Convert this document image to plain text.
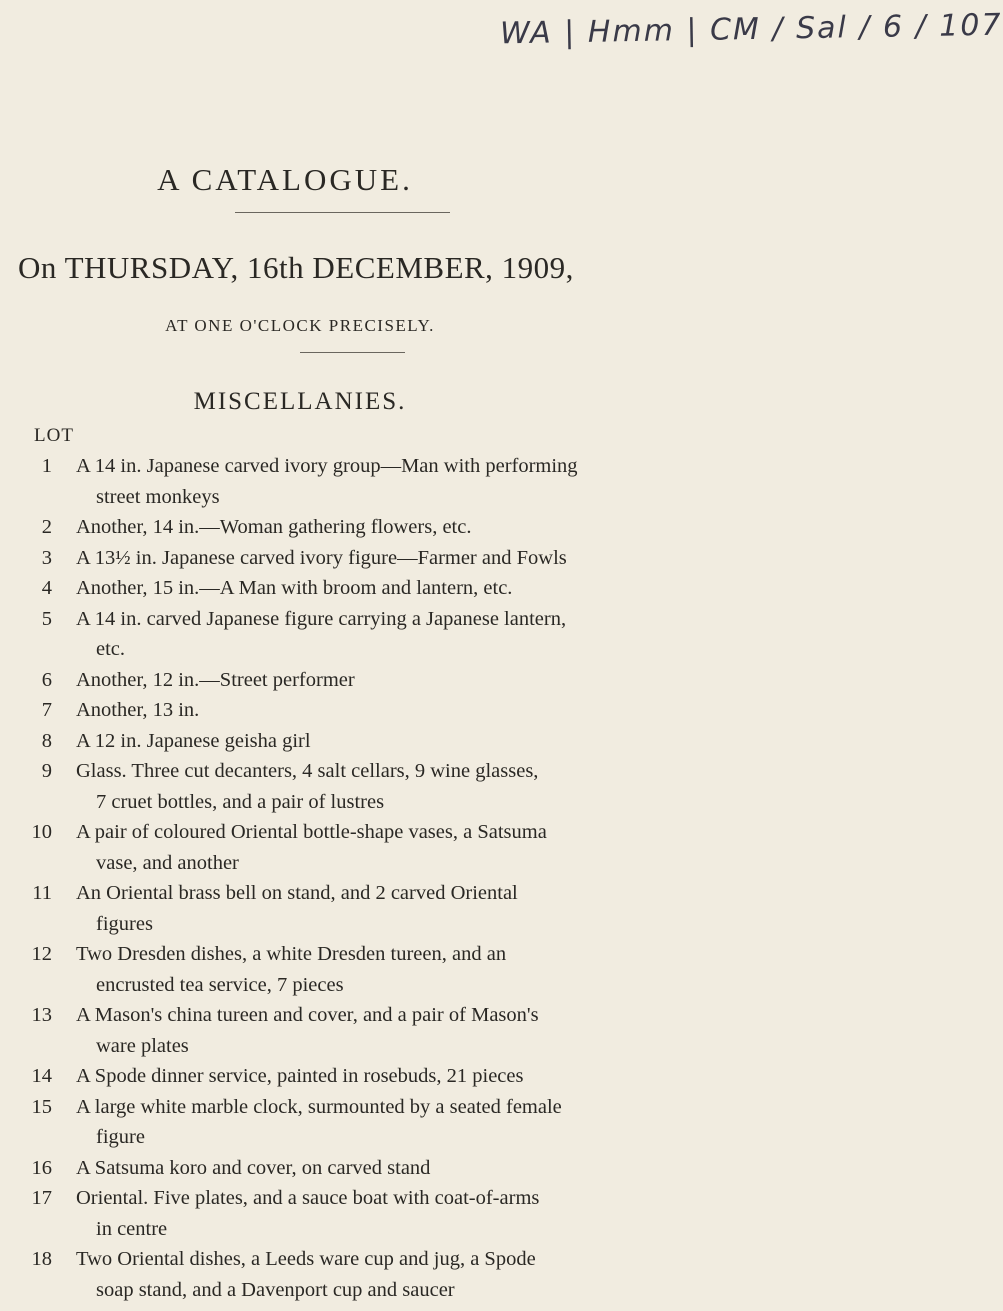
WA | Hmm | CM / Sal / 6 / 107
A CATALOGUE.
On THURSDAY, 16th DECEMBER, 1909,
AT ONE O'CLOCK PRECISELY.
MISCELLANIES.
LOT
1	A 14 in. Japanese carved ivory group—Man with performing
street monkeys
2	Another, 14 in.—Woman gathering flowers, etc.
3	A 13½ in. Japanese carved ivory figure—Farmer and Fowls
4	Another, 15 in.—A Man with broom and lantern, etc.
5	A 14 in. carved Japanese figure carrying a Japanese lantern,
etc.
6	Another, 12 in.—Street performer
7	Another, 13 in.
8	A 12 in. Japanese geisha girl
9	Glass. Three cut decanters, 4 salt cellars, 9 wine glasses,
7 cruet bottles, and a pair of lustres
10	A pair of coloured Oriental bottle-shape vases, a Satsuma
vase, and another
11	An Oriental brass bell on stand, and 2 carved Oriental
figures
12	Two Dresden dishes, a white Dresden tureen, and an
encrusted tea service, 7 pieces
13	A Mason's china tureen and cover, and a pair of Mason's
ware plates
14	A Spode dinner service, painted in rosebuds, 21 pieces
15	A large white marble clock, surmounted by a seated female
figure
16	A Satsuma koro and cover, on carved stand
17	Oriental. Five plates, and a sauce boat with coat-of-arms
in centre
18	Two Oriental dishes, a Leeds ware cup and jug, a Spode
soap stand, and a Davenport cup and saucer
